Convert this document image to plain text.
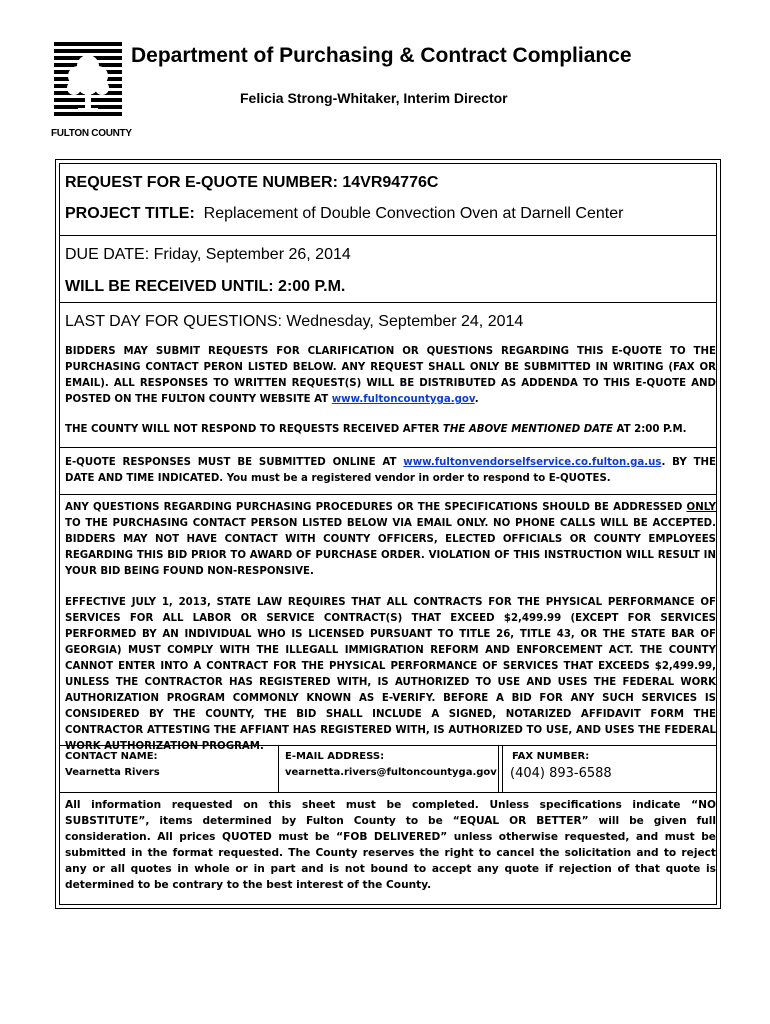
FULTON COUNTY
Department of Purchasing & Contract Compliance
Felicia Strong-Whitaker, Interim Director
REQUEST FOR E-QUOTE NUMBER: 14VR94776C
PROJECT TITLE: Replacement of Double Convection Oven at Darnell Center
DUE DATE: Friday, September 26, 2014
WILL BE RECEIVED UNTIL: 2:00 P.M.
LAST DAY FOR QUESTIONS: Wednesday, September 24, 2014
BIDDERS MAY SUBMIT REQUESTS FOR CLARIFICATION OR QUESTIONS REGARDING THIS E-QUOTE TO THE PURCHASING CONTACT PERON LISTED BELOW. ANY REQUEST SHALL ONLY BE SUBMITTED IN WRITING (FAX OR EMAIL). ALL RESPONSES TO WRITTEN REQUEST(S) WILL BE DISTRIBUTED AS ADDENDA TO THIS E-QUOTE AND POSTED ON THE FULTON COUNTY WEBSITE AT www.fultoncountyga.gov.
THE COUNTY WILL NOT RESPOND TO REQUESTS RECEIVED AFTER THE ABOVE MENTIONED DATE AT 2:00 P.M.
E-QUOTE RESPONSES MUST BE SUBMITTED ONLINE AT www.fultonvendorselfservice.co.fulton.ga.us. BY THE DATE AND TIME INDICATED. You must be a registered vendor in order to respond to E-QUOTES.
ANY QUESTIONS REGARDING PURCHASING PROCEDURES OR THE SPECIFICATIONS SHOULD BE ADDRESSED ONLY TO THE PURCHASING CONTACT PERSON LISTED BELOW VIA EMAIL ONLY. NO PHONE CALLS WILL BE ACCEPTED. BIDDERS MAY NOT HAVE CONTACT WITH COUNTY OFFICERS, ELECTED OFFICIALS OR COUNTY EMPLOYEES REGARDING THIS BID PRIOR TO AWARD OF PURCHASE ORDER. VIOLATION OF THIS INSTRUCTION WILL RESULT IN YOUR BID BEING FOUND NON-RESPONSIVE.
EFFECTIVE JULY 1, 2013, STATE LAW REQUIRES THAT ALL CONTRACTS FOR THE PHYSICAL PERFORMANCE OF SERVICES FOR ALL LABOR OR SERVICE CONTRACT(S) THAT EXCEED $2,499.99 (EXCEPT FOR SERVICES PERFORMED BY AN INDIVIDUAL WHO IS LICENSED PURSUANT TO TITLE 26, TITLE 43, OR THE STATE BAR OF GEORGIA) MUST COMPLY WITH THE ILLEGALL IMMIGRATION REFORM AND ENFORCEMENT ACT. THE COUNTY CANNOT ENTER INTO A CONTRACT FOR THE PHYSICAL PERFORMANCE OF SERVICES THAT EXCEEDS $2,499.99, UNLESS THE CONTRACTOR HAS REGISTERED WITH, IS AUTHORIZED TO USE AND USES THE FEDERAL WORK AUTHORIZATION PROGRAM COMMONLY KNOWN AS E-VERIFY. BEFORE A BID FOR ANY SUCH SERVICES IS CONSIDERED BY THE COUNTY, THE BID SHALL INCLUDE A SIGNED, NOTARIZED AFFIDAVIT FORM THE CONTRACTOR ATTESTING THE AFFIANT HAS REGISTERED WITH, IS AUTHORIZED TO USE, AND USES THE FEDERAL WORK AUTHORIZATION PROGRAM.
CONTACT NAME:
Vearnetta Rivers
E-MAIL ADDRESS:
vearnetta.rivers@fultoncountyga.gov
FAX NUMBER:
(404) 893-6588
All information requested on this sheet must be completed. Unless specifications indicate “NO SUBSTITUTE”, items determined by Fulton County to be “EQUAL OR BETTER” will be given full consideration. All prices QUOTED must be “FOB DELIVERED” unless otherwise requested, and must be submitted in the format requested. The County reserves the right to cancel the solicitation and to reject any or all quotes in whole or in part and is not bound to accept any quote if rejection of that quote is determined to be contrary to the best interest of the County.
